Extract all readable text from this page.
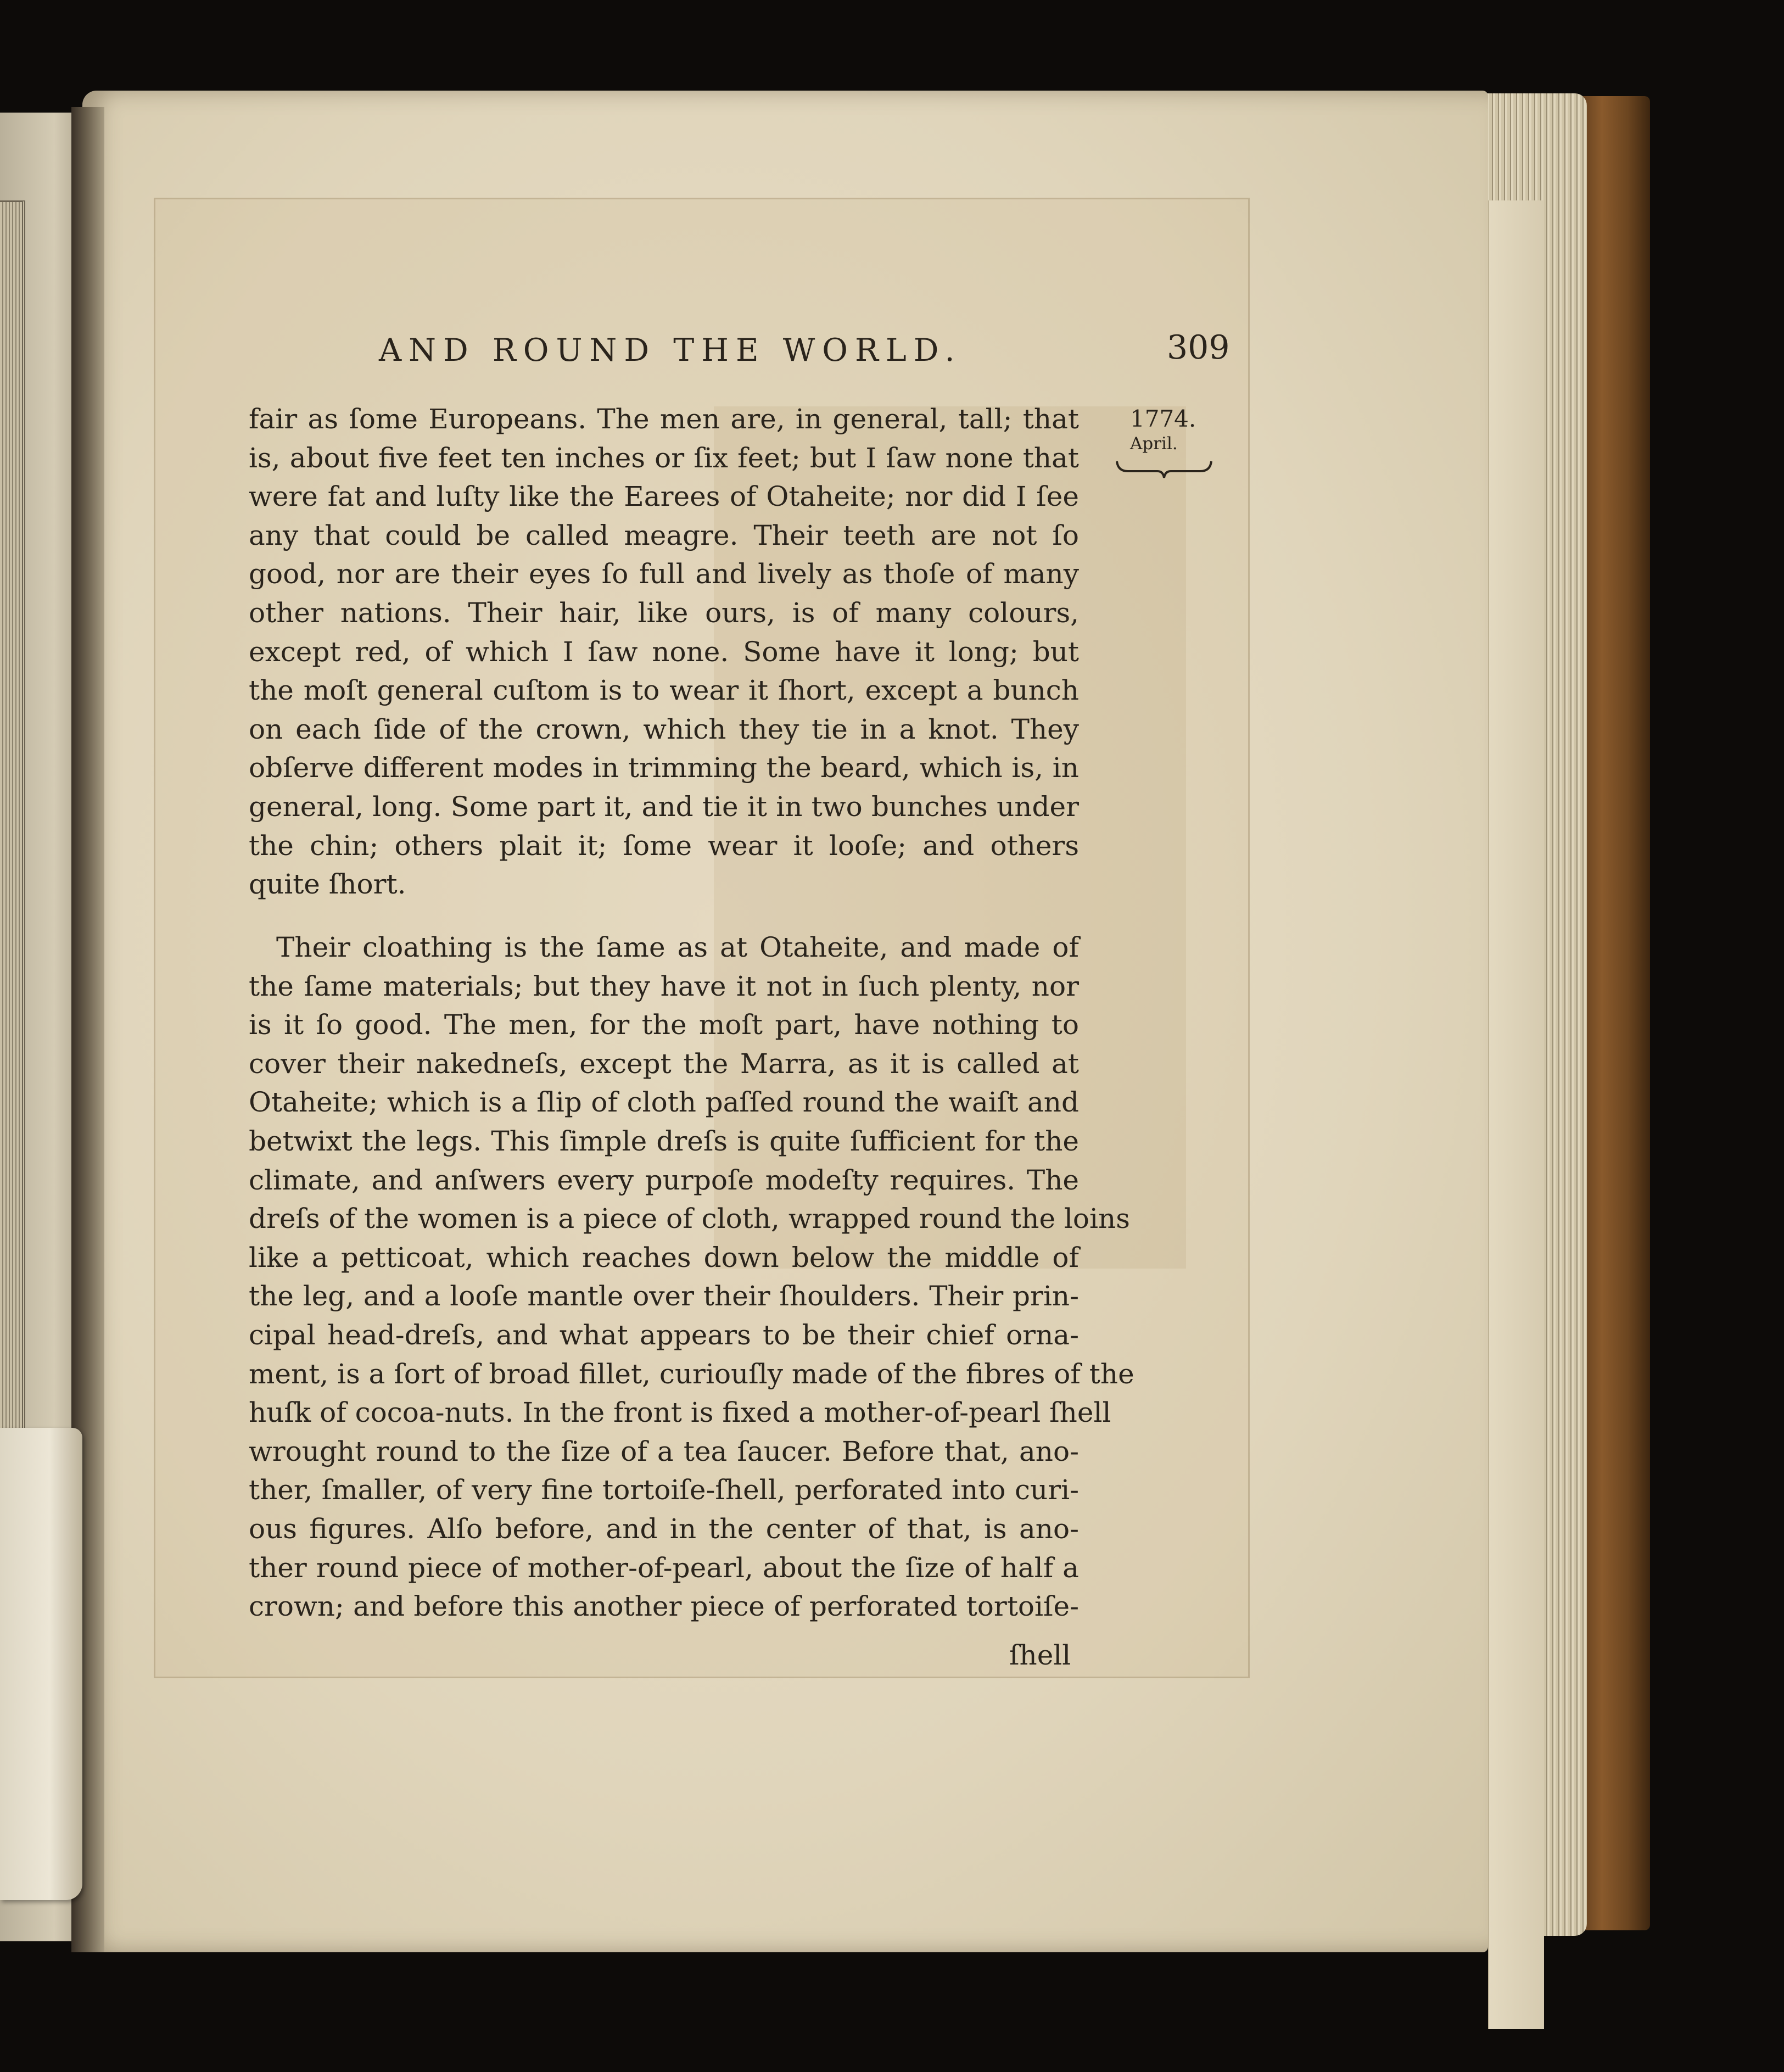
AND ROUND THE WORLD.	309
1774.
April.
fair as ſome Europeans. The men are, in general, tall; that
is, about five feet ten inches or ſix feet; but I ſaw none that
were fat and luſty like the Earees of Otaheite; nor did I ſee
any that could be called meagre. Their teeth are not ſo
good, nor are their eyes ſo full and lively as thoſe of many
other nations. Their hair, like ours, is of many colours,
except red, of which I ſaw none. Some have it long; but
the moſt general cuſtom is to wear it ſhort, except a bunch
on each ſide of the crown, which they tie in a knot. They
obſerve different modes in trimming the beard, which is, in
general, long. Some part it, and tie it in two bunches under
the chin; others plait it; ſome wear it looſe; and others
quite ſhort.
Their cloathing is the ſame as at Otaheite, and made of
the ſame materials; but they have it not in ſuch plenty, nor
is it ſo good. The men, for the moſt part, have nothing to
cover their nakedneſs, except the Marra, as it is called at
Otaheite; which is a ſlip of cloth paſſed round the waiſt and
betwixt the legs. This ſimple dreſs is quite ſufficient for the
climate, and anſwers every purpoſe modeſty requires. The
dreſs of the women is a piece of cloth, wrapped round the loins
like a petticoat, which reaches down below the middle of
the leg, and a looſe mantle over their ſhoulders. Their prin-
cipal head-dreſs, and what appears to be their chief orna-
ment, is a ſort of broad fillet, curiouſly made of the fibres of the
huſk of cocoa-nuts. In the front is fixed a mother-of-pearl ſhell
wrought round to the ſize of a tea ſaucer. Before that, ano-
ther, ſmaller, of very fine tortoiſe-ſhell, perforated into curi-
ous figures. Alſo before, and in the center of that, is ano-
ther round piece of mother-of-pearl, about the ſize of half a
crown; and before this another piece of perforated tortoiſe-
ſhell
